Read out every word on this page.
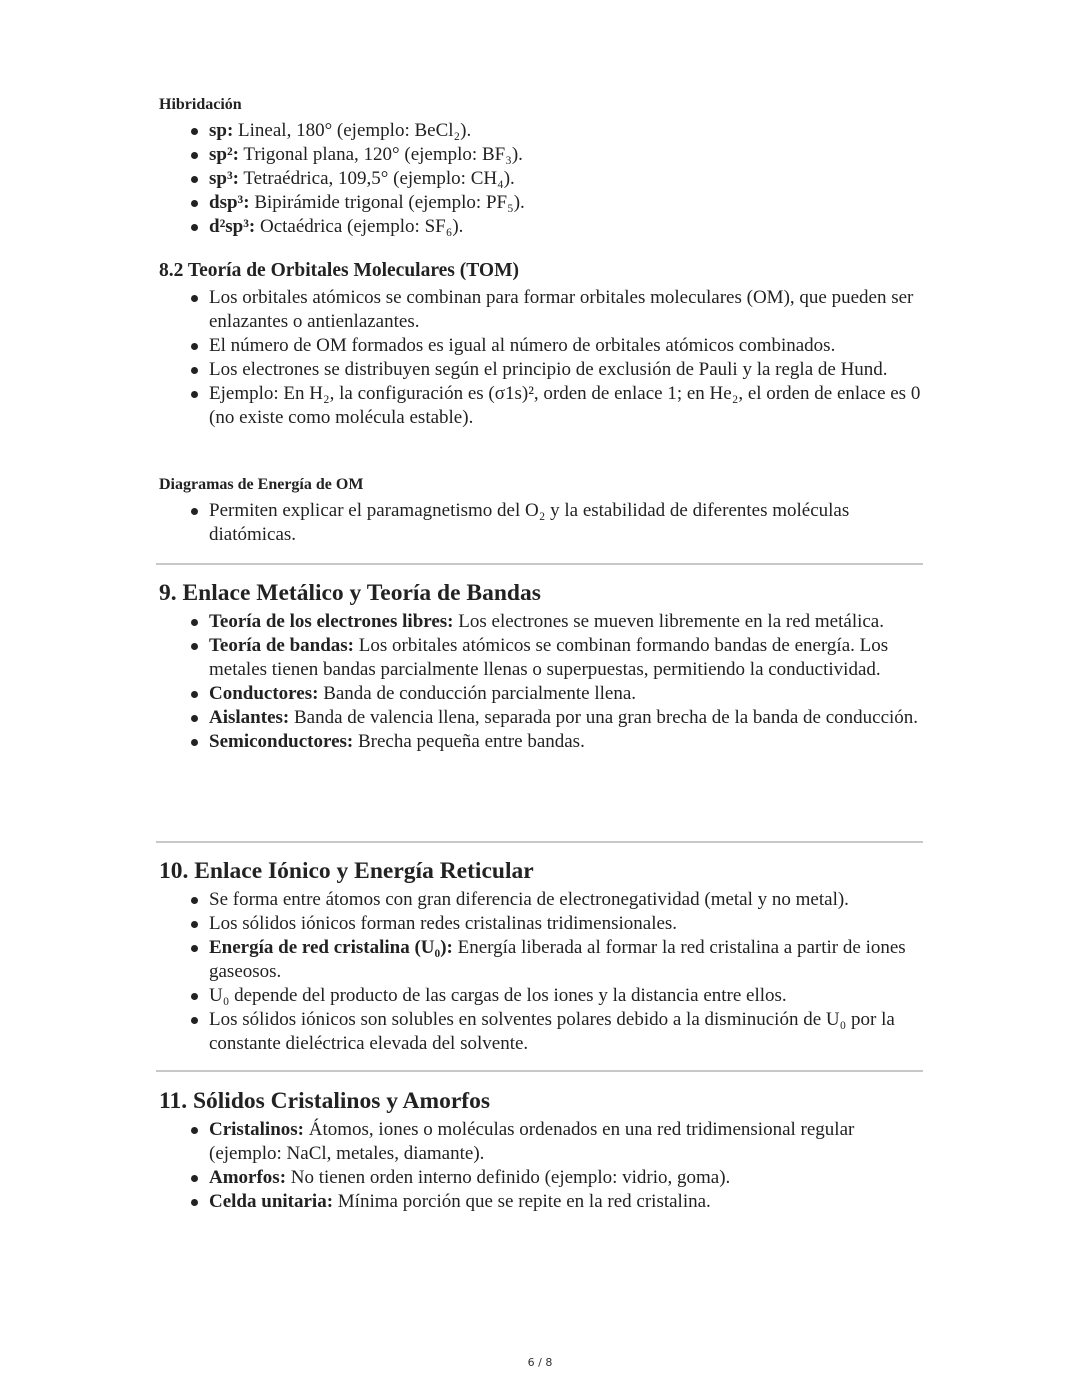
Hibridación
sp: Lineal, 180° (ejemplo: BeCl₂).
sp²: Trigonal plana, 120° (ejemplo: BF₃).
sp³: Tetraédrica, 109,5° (ejemplo: CH₄).
dsp³: Bipirámide trigonal (ejemplo: PF₅).
d²sp³: Octaédrica (ejemplo: SF₆).
8.2 Teoría de Orbitales Moleculares (TOM)
Los orbitales atómicos se combinan para formar orbitales moleculares (OM), que pueden ser enlazantes o antienlazantes.
El número de OM formados es igual al número de orbitales atómicos combinados.
Los electrones se distribuyen según el principio de exclusión de Pauli y la regla de Hund.
Ejemplo: En H₂, la configuración es (σ1s)², orden de enlace 1; en He₂, el orden de enlace es 0 (no existe como molécula estable).
Diagramas de Energía de OM
Permiten explicar el paramagnetismo del O₂ y la estabilidad de diferentes moléculas diatómicas.
9. Enlace Metálico y Teoría de Bandas
Teoría de los electrones libres: Los electrones se mueven libremente en la red metálica.
Teoría de bandas: Los orbitales atómicos se combinan formando bandas de energía. Los metales tienen bandas parcialmente llenas o superpuestas, permitiendo la conductividad.
Conductores: Banda de conducción parcialmente llena.
Aislantes: Banda de valencia llena, separada por una gran brecha de la banda de conducción.
Semiconductores: Brecha pequeña entre bandas.
10. Enlace Iónico y Energía Reticular
Se forma entre átomos con gran diferencia de electronegatividad (metal y no metal).
Los sólidos iónicos forman redes cristalinas tridimensionales.
Energía de red cristalina (U₀): Energía liberada al formar la red cristalina a partir de iones gaseosos.
U₀ depende del producto de las cargas de los iones y la distancia entre ellos.
Los sólidos iónicos son solubles en solventes polares debido a la disminución de U₀ por la constante dieléctrica elevada del solvente.
11. Sólidos Cristalinos y Amorfos
Cristalinos: Átomos, iones o moléculas ordenados en una red tridimensional regular (ejemplo: NaCl, metales, diamante).
Amorfos: No tienen orden interno definido (ejemplo: vidrio, goma).
Celda unitaria: Mínima porción que se repite en la red cristalina.
6 / 8
